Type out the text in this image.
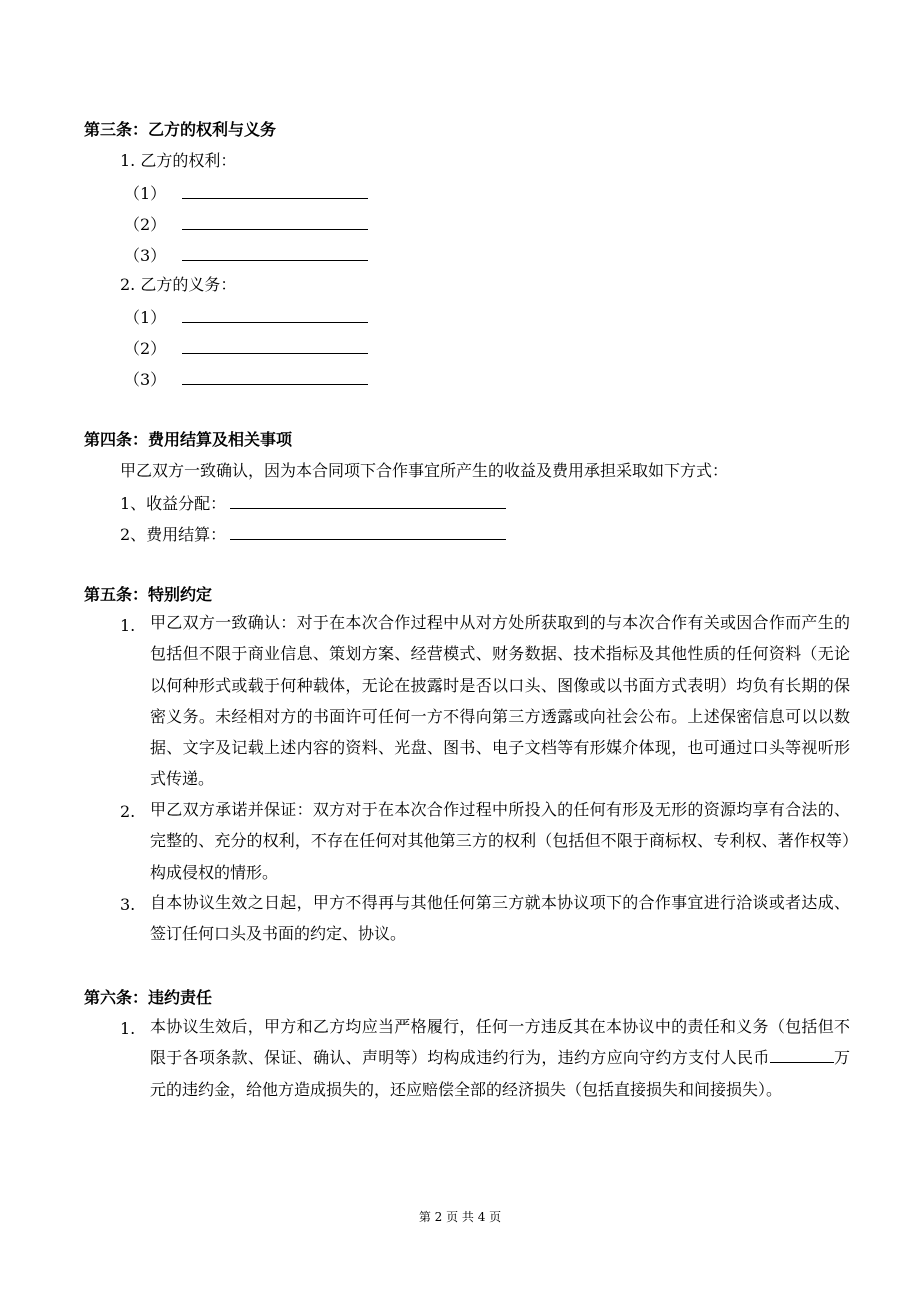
第三条：乙方的权利与义务
1. 乙方的权利：
（1）
（2）
（3）
2. 乙方的义务：
（1）
（2）
（3）
第四条：费用结算及相关事项
甲乙双方一致确认，因为本合同项下合作事宜所产生的收益及费用承担采取如下方式：
1、收益分配：
2、费用结算：
第五条：特别约定
1. 甲乙双方一致确认：对于在本次合作过程中从对方处所获取到的与本次合作有关或因合作而产生的包括但不限于商业信息、策划方案、经营模式、财务数据、技术指标及其他性质的任何资料（无论以何种形式或载于何种载体，无论在披露时是否以口头、图像或以书面方式表明）均负有长期的保密义务。未经相对方的书面许可任何一方不得向第三方透露或向社会公布。上述保密信息可以以数据、文字及记载上述内容的资料、光盘、图书、电子文档等有形媒介体现，也可通过口头等视听形式传递。
2. 甲乙双方承诺并保证：双方对于在本次合作过程中所投入的任何有形及无形的资源均享有合法的、完整的、充分的权利，不存在任何对其他第三方的权利（包括但不限于商标权、专利权、著作权等）构成侵权的情形。
3. 自本协议生效之日起，甲方不得再与其他任何第三方就本协议项下的合作事宜进行洽谈或者达成、签订任何口头及书面的约定、协议。
第六条：违约责任
1. 本协议生效后，甲方和乙方均应当严格履行，任何一方违反其在本协议中的责任和义务（包括但不限于各项条款、保证、确认、声明等）均构成违约行为，违约方应向守约方支付人民币	万元的违约金，给他方造成损失的，还应赔偿全部的经济损失（包括直接损失和间接损失）。
第 2 页 共 4 页
